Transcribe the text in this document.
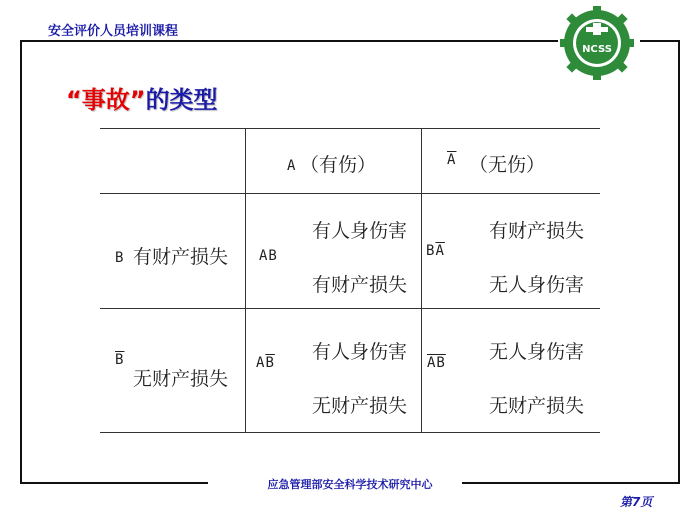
安全评价人员培训课程
NCSS
“事故”的类型
A （有伤）	$\overline{A}$ （无伤）
B 有财产损失
$\overline{B}$
无财产损失
AB
有人身伤害
有财产损失
$B\overline{A}$
有财产损失
无人身伤害
$A\overline{B}$ 有人身伤害
无财产损失
$\overline{AB}$ 无人身伤害
无财产损失
应急管理部安全科学技术研究中心
第7页
